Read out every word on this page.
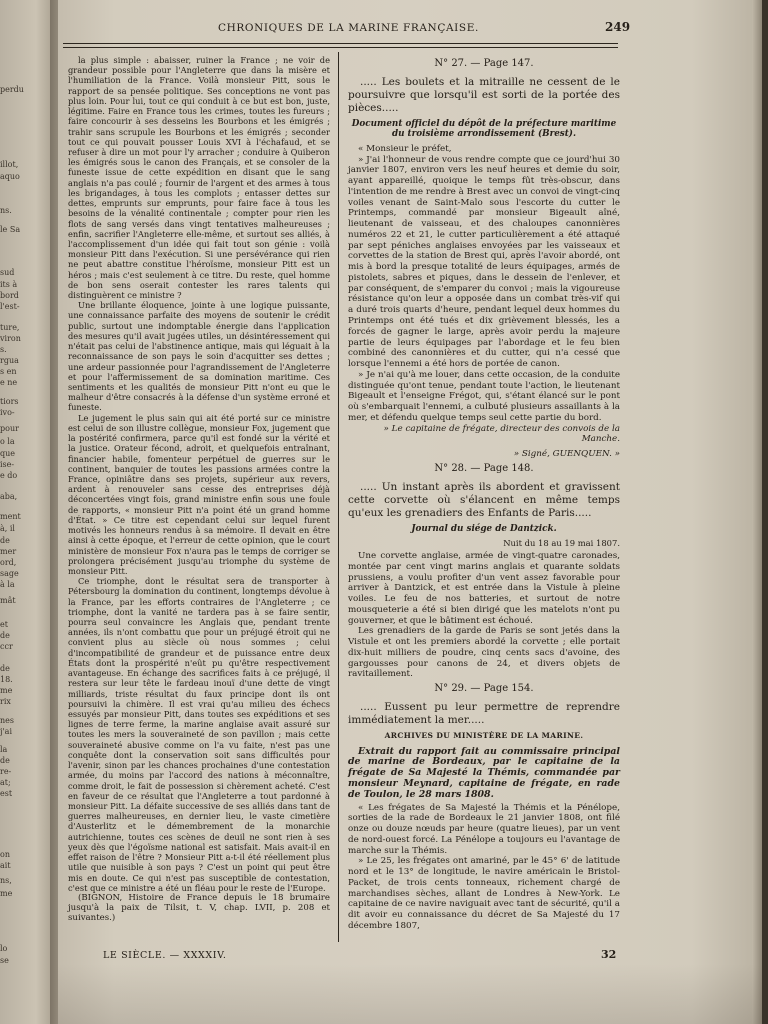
perdu
illot,
aquo
ns.
le Sa
sud
its à
bord
l'est-
ture,
viron
s.
rgua
s en
e ne
tiors
ivo-
pour
o la
que
ise-
e do
aba,
ment
à, il
de
mer
ord,
sage
à la
mât
et
de
ccr
de
18.
me
rix
nes
j'ai
la
de
re-
at;
est
on
ait
ns,
me
lo
se
CHRONIQUES DE LA MARINE FRANÇAISE.	249

la plus simple : abaisser, ruiner la France ; ne voir de grandeur possible pour l'Angleterre que dans la misère et l'humiliation de la France. Voilà monsieur Pitt, sous le rapport de sa pensée politique. Ses conceptions ne vont pas plus loin. Pour lui, tout ce qui conduit à ce but est bon, juste, légitime. Faire en France tous les crimes, toutes les fureurs ; faire concourir à ses desseins les Bourbons et les émigrés ; trahir sans scrupule les Bourbons et les émigrés ; seconder tout ce qui pouvait pousser Louis XVI à l'échafaud, et se refuser à dire un mot pour l'y arracher ; conduire à Quiberon les émigrés sous le canon des Français, et se consoler de la funeste issue de cette expédition en disant que le sang anglais n'a pas coulé ; fournir de l'argent et des armes à tous les brigandages, à tous les complots ; entasser dettes sur dettes, emprunts sur emprunts, pour faire face à tous les besoins de la vénalité continentale ; compter pour rien les flots de sang versés dans vingt tentatives malheureuses ; enfin, sacrifier l'Angleterre elle-même, et surtout ses alliés, à l'accomplissement d'un idée qui fait tout son génie : voilà monsieur Pitt dans l'exécution. Si une persévérance qui rien ne peut abattre constitue l'héroïsme, monsieur Pitt est un héros ; mais c'est seulement à ce titre. Du reste, quel homme de bon sens oserait contester les rares talents qui distinguèrent ce ministre ?

Une brillante éloquence, jointe à une logique puissante, une connaissance parfaite des moyens de soutenir le crédit public, surtout une indomptable énergie dans l'application des mesures qu'il avait jugées utiles, un désintéressement qui n'était pas celui de l'abstinence antique, mais qui léguait à la reconnaissance de son pays le soin d'acquitter ses dettes ; une ardeur passionnée pour l'agrandissement de l'Angleterre et pour l'affermissement de sa domination maritime. Ces sentiments et les qualités de monsieur Pitt n'ont eu que le malheur d'être consacrés à la défense d'un système erroné et funeste.

Le jugement le plus sain qui ait été porté sur ce ministre est celui de son illustre collègue, monsieur Fox, jugement que la postérité confirmera, parce qu'il est fondé sur la vérité et la justice. Orateur fécond, adroit, et quelquefois entraînant, financier habile, fomenteur perpétuel de guerres sur le continent, banquier de toutes les passions armées contre la France, opiniâtre dans ses projets, supérieur aux revers, ardent à renouveler sans cesse des entreprises déjà déconcertées vingt fois, grand ministre enfin sous une foule de rapports, « monsieur Pitt n'a point été un grand homme d'État. » Ce titre est cependant celui sur lequel furent motivés les honneurs rendus à sa mémoire. Il devait en être ainsi à cette époque, et l'erreur de cette opinion, que le court ministère de monsieur Fox n'aura pas le temps de corriger se prolongera précisément jusqu'au triomphe du système de monsieur Pitt.

Ce triomphe, dont le résultat sera de transporter à Pétersbourg la domination du continent, longtemps dévolue à la France, par les efforts contraires de l'Angleterre ; ce triomphe, dont la vanité ne tardera pas à se faire sentir, pourra seul convaincre les Anglais que, pendant trente années, ils n'ont combattu que pour un préjugé étroit qui ne convient plus au siècle où nous sommes ; celui d'incompatibilité de grandeur et de puissance entre deux États dont la prospérité n'eût pu qu'être respectivement avantageuse. En échange des sacrifices faits à ce préjugé, il restera sur leur tête le fardeau inouï d'une dette de vingt milliards, triste résultat du faux principe dont ils ont poursuivi la chimère. Il est vrai qu'au milieu des échecs essuyés par monsieur Pitt, dans toutes ses expéditions et ses lignes de terre ferme, la marine anglaise avait assuré sur toutes les mers la souveraineté de son pavillon ; mais cette souveraineté abusive comme on l'a vu faite, n'est pas une conquête dont la conservation soit sans difficultés pour l'avenir, sinon par les chances prochaines d'une contestation armée, du moins par l'accord des nations à méconnaître, comme droit, le fait de possession si chèrement acheté. C'est en faveur de ce résultat que l'Angleterre a tout pardonné à monsieur Pitt. La défaite successive de ses alliés dans tant de guerres malheureuses, en dernier lieu, le vaste cimetière d'Austerlitz et le démembrement de la monarchie autrichienne, toutes ces scènes de deuil ne sont rien à ses yeux dès que l'égoïsme national est satisfait. Mais avait-il en effet raison de l'être ? Monsieur Pitt a-t-il été réellement plus utile que nuisible à son pays ? C'est un point qui peut être mis en doute. Ce qui n'est pas susceptible de contestation, c'est que ce ministre a été un fléau pour le reste de l'Europe.

(BIGNON, Histoire de France depuis le 18 brumaire jusqu'à la paix de Tilsit, t. V, chap. LVII, p. 208 et suivantes.)

N° 27. — Page 147.

..... Les boulets et la mitraille ne cessent de le poursuivre que lorsqu'il est sorti de la portée des pièces.....

Document officiel du dépôt de la préfecture maritime du troisième arrondissement (Brest).

« Monsieur le préfet,

» J'ai l'honneur de vous rendre compte que ce jourd'hui 30 janvier 1807, environ vers les neuf heures et demie du soir, ayant appareillé, quoique le temps fût très-obscur, dans l'intention de me rendre à Brest avec un convoi de vingt-cinq voiles venant de Saint-Malo sous l'escorte du cutter le Printemps, commandé par monsieur Bigeault aîné, lieutenant de vaisseau, et des chaloupes canonnières numéros 22 et 21, le cutter particulièrement a été attaqué par sept péniches anglaises envoyées par les vaisseaux et corvettes de la station de Brest qui, après l'avoir abordé, ont mis à bord la presque totalité de leurs équipages, armés de pistolets, sabres et piques, dans le dessein de l'enlever, et par conséquent, de s'emparer du convoi ; mais la vigoureuse résistance qu'on leur a opposée dans un combat très-vif qui a duré trois quarts d'heure, pendant lequel deux hommes du Printemps ont été tués et dix grièvement blessés, les a forcés de gagner le large, après avoir perdu la majeure partie de leurs équipages par l'abordage et le feu bien combiné des canonnières et du cutter, qui n'a cessé que lorsque l'ennemi a été hors de portée de canon.

» Je n'ai qu'à me louer, dans cette occasion, de la conduite distinguée qu'ont tenue, pendant toute l'action, le lieutenant Bigeault et l'enseigne Frégot, qui, s'étant élancé sur le pont où s'embarquait l'ennemi, a culbuté plusieurs assaillants à la mer, et défendu quelque temps seul cette partie du bord.

» Le capitaine de frégate, directeur des convois de la Manche.

» Signé, GUENQUEN. »

N° 28. — Page 148.

..... Un instant après ils abordent et gravissent cette corvette où s'élancent en même temps qu'eux les grenadiers des Enfants de Paris.....

Journal du siége de Dantzick.

Nuit du 18 au 19 mai 1807.

Une corvette anglaise, armée de vingt-quatre caronades, montée par cent vingt marins anglais et quarante soldats prussiens, a voulu profiter d'un vent assez favorable pour arriver à Dantzick, et est entrée dans la Vistule à pleine voiles. Le feu de nos batteries, et surtout de notre mousqueterie a été si bien dirigé que les matelots n'ont pu gouverner, et que le bâtiment est échoué.

Les grenadiers de la garde de Paris se sont jetés dans la Vistule et ont les premiers abordé la corvette ; elle portait dix-huit milliers de poudre, cinq cents sacs d'avoine, des gargousses pour canons de 24, et divers objets de ravitaillement.

N° 29. — Page 154.

..... Eussent pu leur permettre de reprendre immédiatement la mer.....

ARCHIVES DU MINISTÈRE DE LA MARINE.

Extrait du rapport fait au commissaire principal de marine de Bordeaux, par le capitaine de la frégate de Sa Majesté la Thémis, commandée par monsieur Meynard, capitaine de frégate, en rade de Toulon, le 28 mars 1808.

« Les frégates de Sa Majesté la Thémis et la Pénélope, sorties de la rade de Bordeaux le 21 janvier 1808, ont filé onze ou douze nœuds par heure (quatre lieues), par un vent de nord-ouest forcé. La Pénélope a toujours eu l'avantage de marche sur la Thémis.

» Le 25, les frégates ont amariné, par le 45° 6' de latitude nord et le 13° de longitude, le navire américain le Bristol-Packet, de trois cents tonneaux, richement chargé de marchandises sèches, allant de Londres à New-York. Le capitaine de ce navire naviguait avec tant de sécurité, qu'il a dit avoir eu connaissance du décret de Sa Majesté du 17 décembre 1807,

LE SIÈCLE. — XXXXIV.	32
